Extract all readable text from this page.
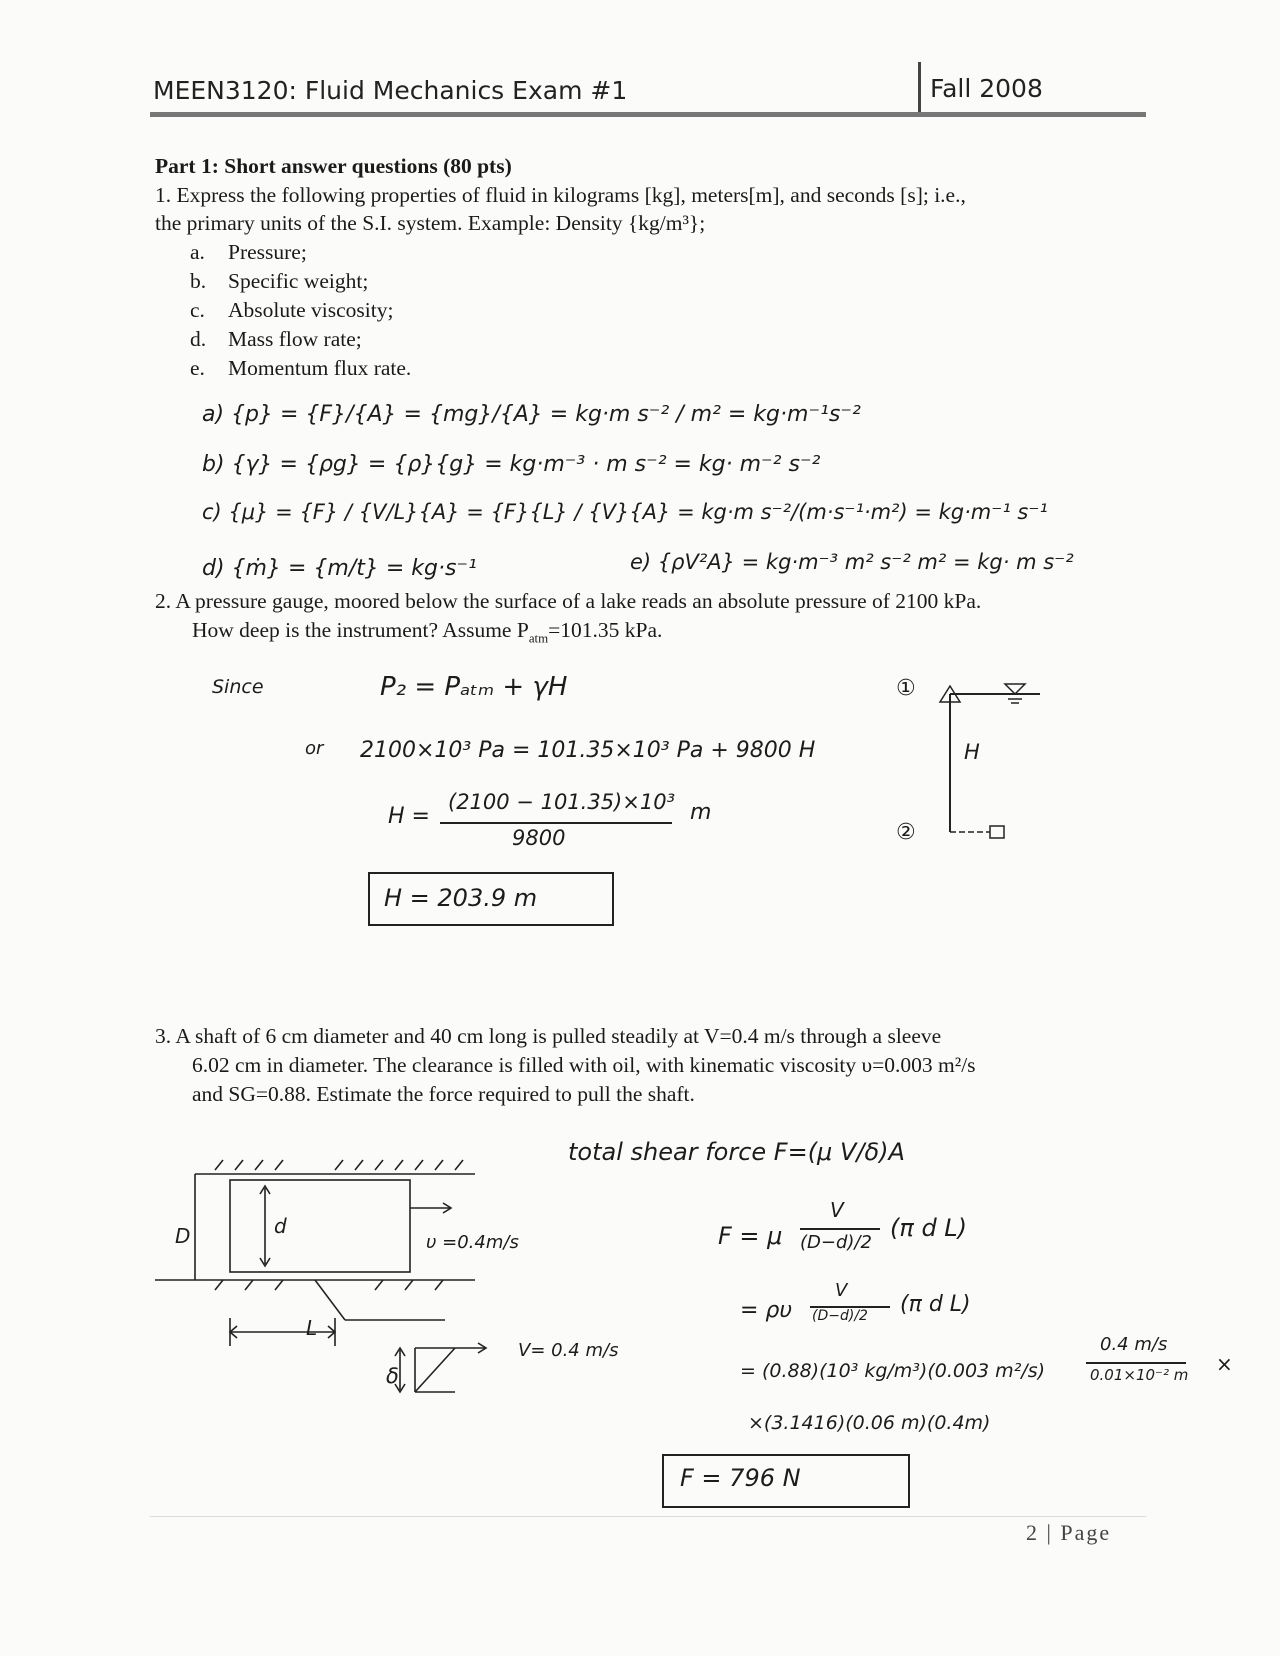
MEEN3120: Fluid Mechanics Exam #1	Fall 2008
Part 1: Short answer questions (80 pts)
1. Express the following properties of fluid in kilograms [kg], meters[m], and seconds [s]; i.e.,
the primary units of the S.I. system. Example: Density {kg/m³};
a. Pressure;
b. Specific weight;
c. Absolute viscosity;
d. Mass flow rate;
e. Momentum flux rate.
a) {p} = {F}/{A} = {mg}/{A} = kg·m s⁻² / m² = kg·m⁻¹s⁻²
b) {γ} = {ρg} = {ρ}{g} = kg·m⁻³ · m s⁻² = kg· m⁻² s⁻²
c) {μ} = {F} / {V/L}{A} = {F}{L} / {V}{A} = kg·m s⁻²/(m·s⁻¹·m²) = kg·m⁻¹ s⁻¹
d) {ṁ} = {m/t} = kg·s⁻¹	e) {ρV²A} = kg·m⁻³ m² s⁻² m² = kg· m s⁻²
2. A pressure gauge, moored below the surface of a lake reads an absolute pressure of 2100 kPa.
How deep is the instrument? Assume $P_{atm}=101.35$ kPa.
Since	P₂ = Pₐₜₘ + γH
or 2100×10³ Pa = 101.35×10³ Pa + 9800 H
H =
(2100 − 101.35)×10³
9800
m
H = 203.9 m
①
②
H
3. A shaft of 6 cm diameter and 40 cm long is pulled steadily at V=0.4 m/s through a sleeve
6.02 cm in diameter. The clearance is filled with oil, with kinematic viscosity υ=0.003 m²/s
and SG=0.88. Estimate the force required to pull the shaft.
D	d
L
δ
υ =0.4m/s
V= 0.4 m/s
total shear force F=(μ V/δ)A
F = μ
V
(D−d)/2
(π d L)
= ρυ
V
(D−d)/2 (π d L)
= (0.88)(10³ kg/m³)(0.003 m²/s)
0.4 m/s
0.01×10⁻² m ×
×(3.1416)(0.06 m)(0.4m)
F = 796 N
2 | Page
